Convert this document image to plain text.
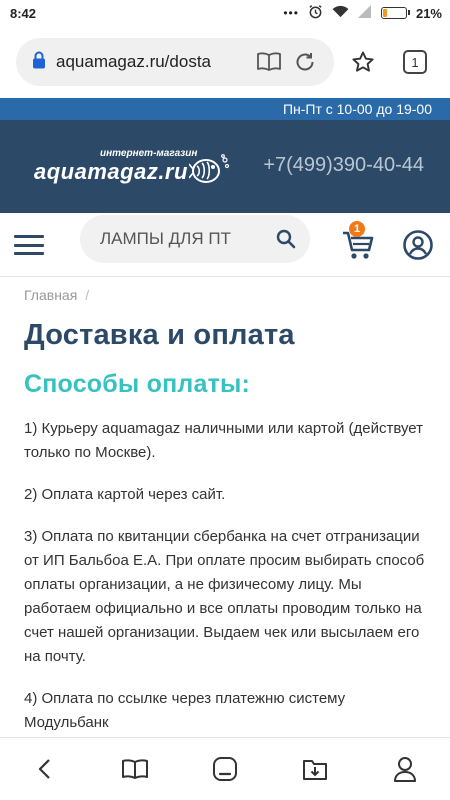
8:42	•••	21%
aquamagaz.ru/dosta	1
Пн-Пт с 10-00 до 19-00
интернет-магазин
aquamagaz.ru	+7(499)390-40-44
ЛАМПЫ ДЛЯ ПТ
1
Главная /
Доставка и оплата
Способы оплаты:

1) Курьеру aquamagaz наличными или картой (действует только по Москве).

2) Оплата картой через сайт.

3) Оплата по квитанции сбербанка на счет отгранизации от ИП Бальбоа Е.А. При оплате просим выбирать способ оплаты организации, а не физичесому лицу. Мы работаем официально и все оплаты проводим только на счет нашей организации. Выдаем чек или высылаем его на почту.

4) Оплата по ссылке через платежню систему Модульбанк
